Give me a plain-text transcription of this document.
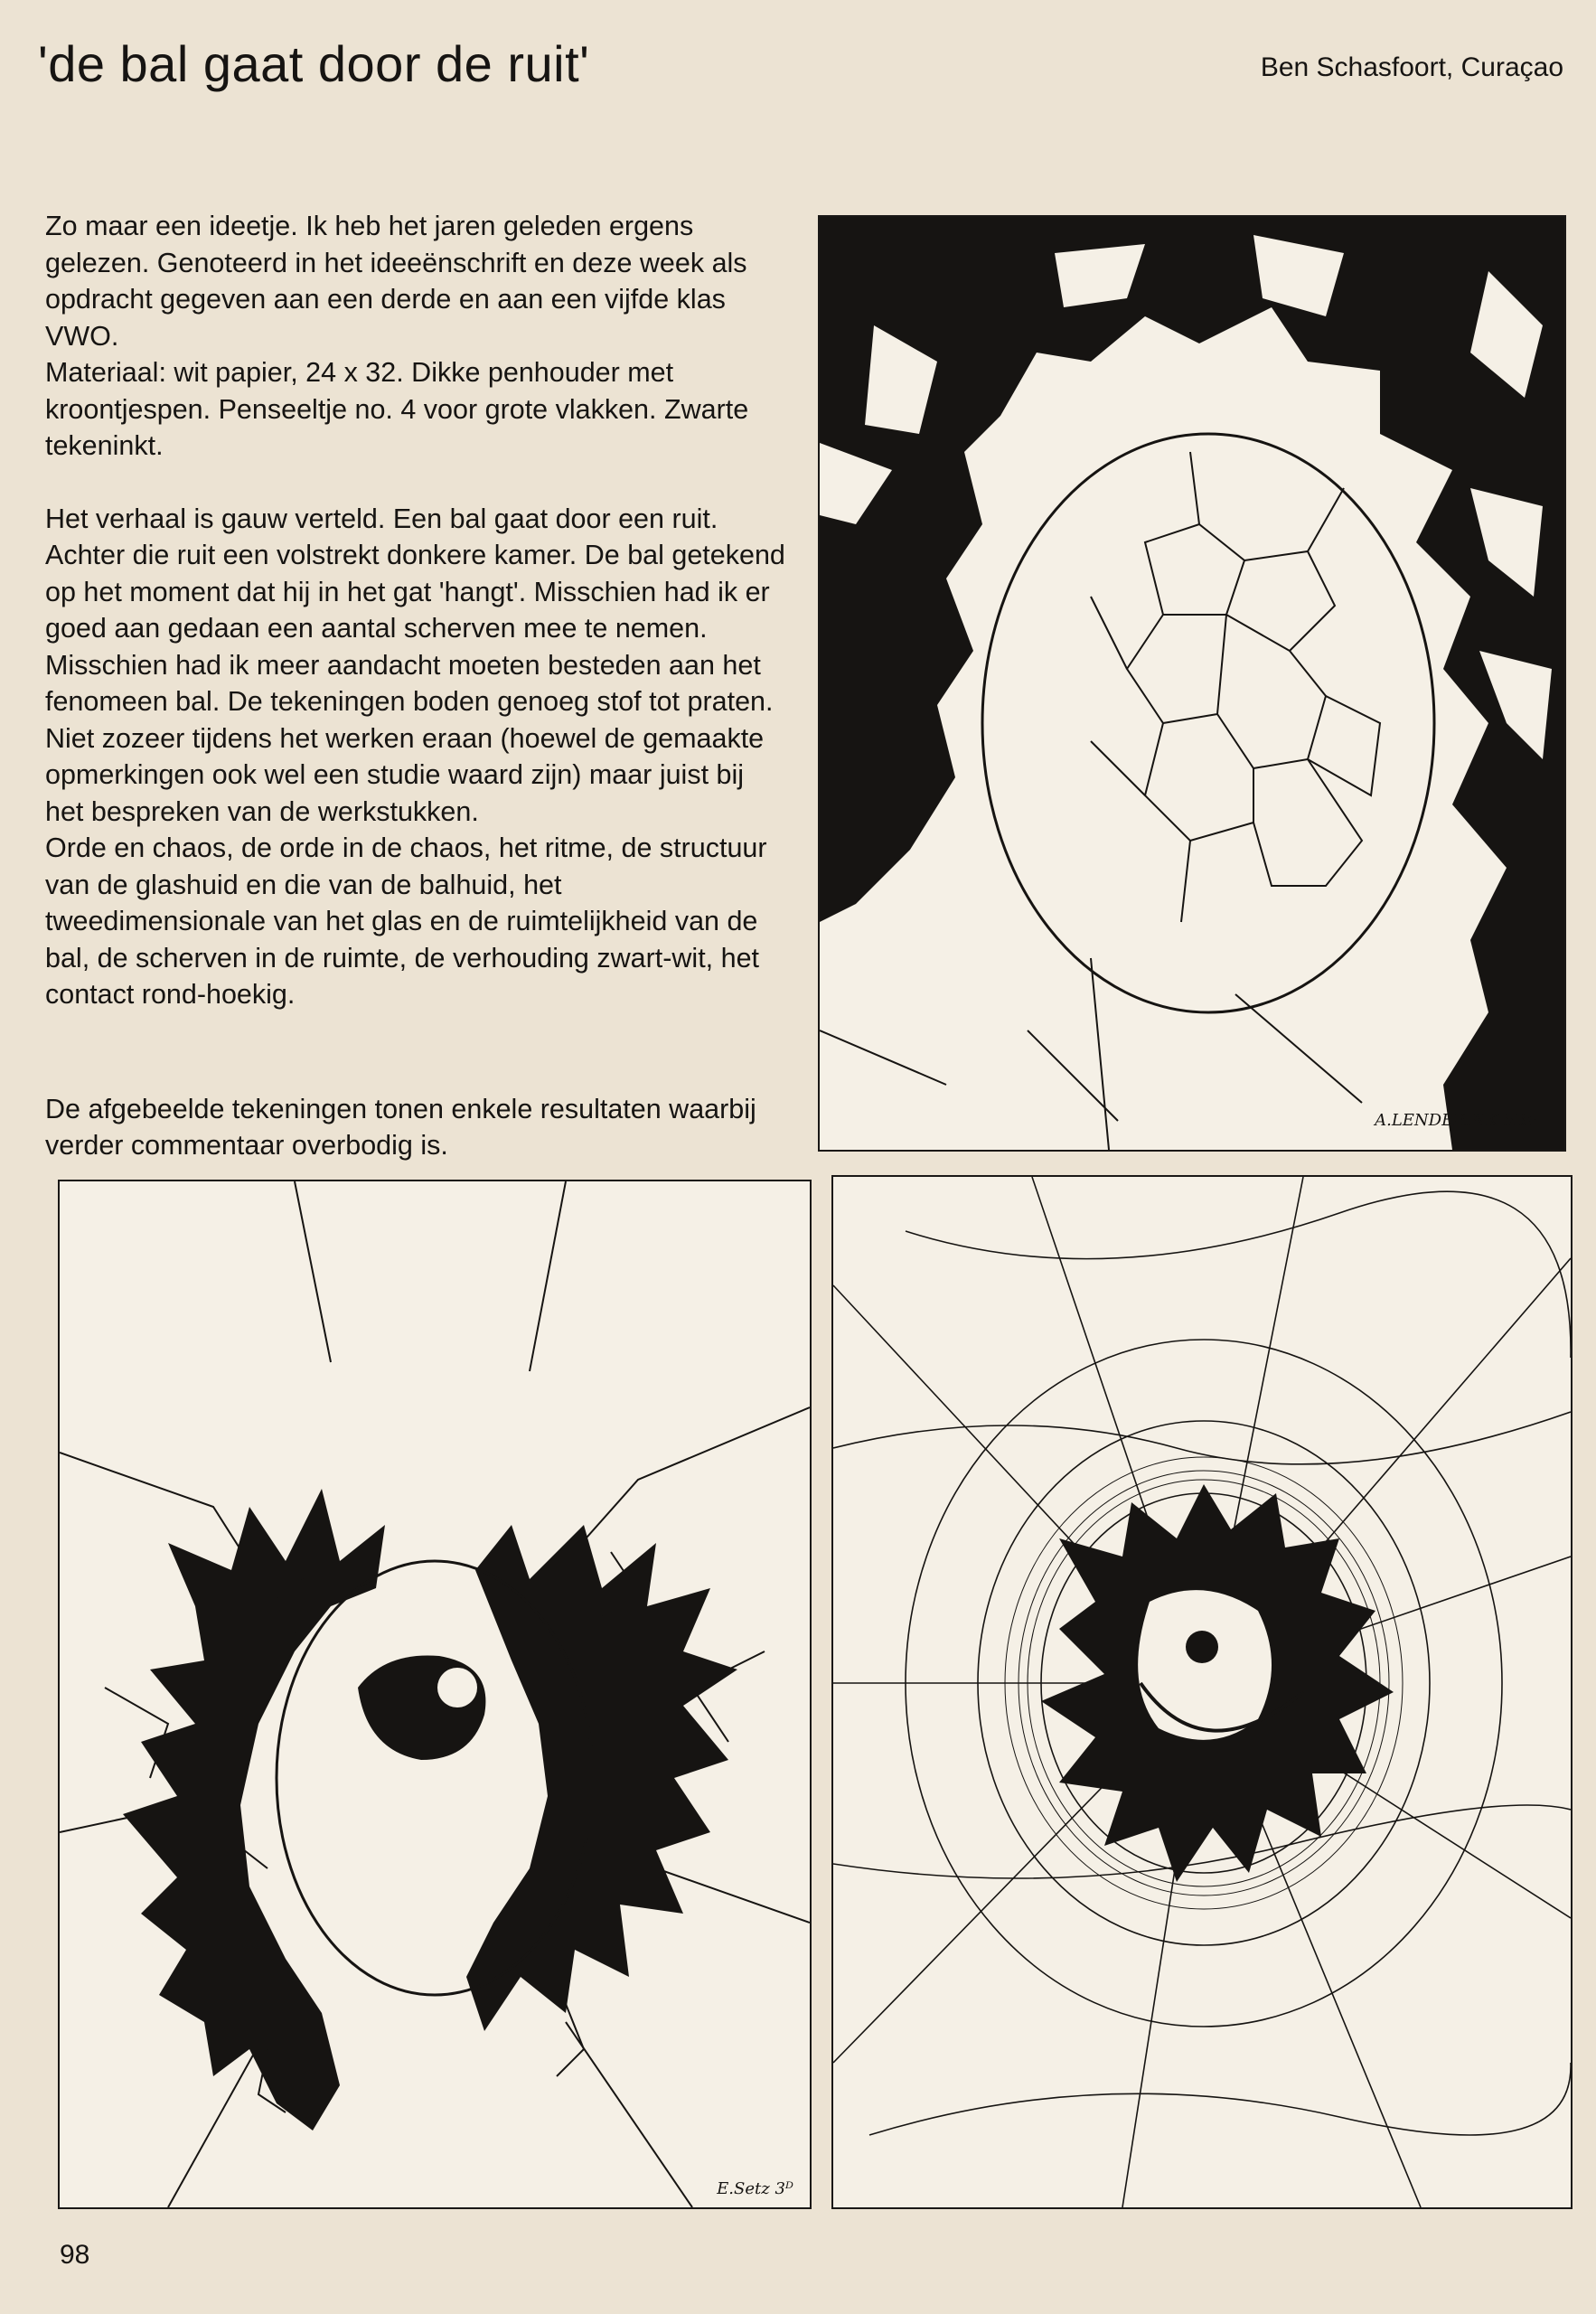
'de bal gaat door de ruit'	Ben Schasfoort, Curaçao

Zo maar een ideetje. Ik heb het jaren geleden ergens gelezen. Genoteerd in het ideeënschrift en deze week als opdracht gegeven aan een derde en aan een vijfde klas VWO.

Materiaal: wit papier, 24 x 32. Dikke penhouder met kroontjespen. Penseeltje no. 4 voor grote vlakken. Zwarte tekeninkt.

Het verhaal is gauw verteld. Een bal gaat door een ruit. Achter die ruit een volstrekt donkere kamer. De bal getekend op het moment dat hij in het gat 'hangt'. Misschien had ik er goed aan gedaan een aantal scherven mee te nemen. Misschien had ik meer aandacht moeten besteden aan het fenomeen bal. De tekeningen boden genoeg stof tot praten. Niet zozeer tijdens het werken eraan (hoewel de gemaakte opmerkingen ook wel een studie waard zijn) maar juist bij het bespreken van de werkstukken.

Orde en chaos, de orde in de chaos, het ritme, de structuur van de glashuid en die van de balhuid, het tweedimensionale van het glas en de ruimtelijkheid van de bal, de scherven in de ruimte, de verhouding zwart-wit, het contact rond-hoekig.

De afgebeelde tekeningen tonen enkele resultaten waarbij verder commentaar overbodig is.

E.Setz 3ᴰ
A.LENDERINK 5BF

98
